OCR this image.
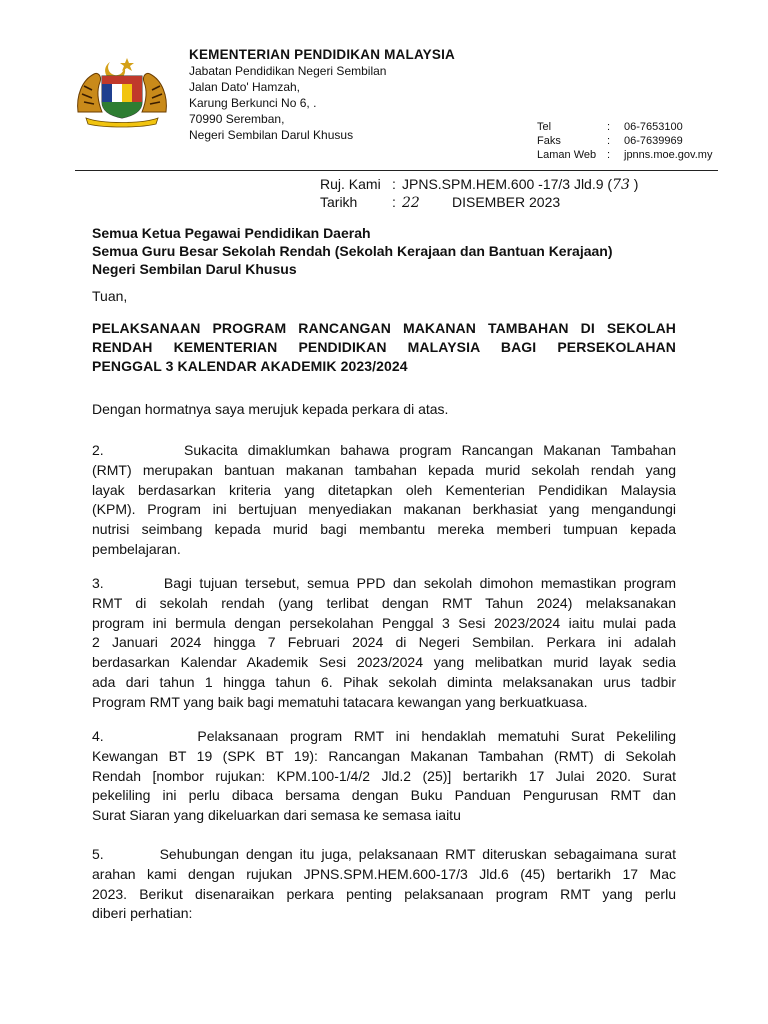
KEMENTERIAN PENDIDIKAN MALAYSIA
Jabatan Pendidikan Negeri Sembilan
Jalan Dato' Hamzah,
Karung Berkunci No 6, .
70990 Seremban,
Negeri Sembilan Darul Khusus
Tel	:	06-7653100
Faks	:	06-7639969
Laman Web :	jpnns.moe.gov.my
Ruj. Kami : JPNS.SPM.HEM.600 -17/3 Jld.9 (73 )
Tarikh	: 22 DISEMBER 2023
Semua Ketua Pegawai Pendidikan Daerah
Semua Guru Besar Sekolah Rendah (Sekolah Kerajaan dan Bantuan Kerajaan)
Negeri Sembilan Darul Khusus
Tuan,
PELAKSANAAN PROGRAM RANCANGAN MAKANAN TAMBAHAN DI SEKOLAH
RENDAH KEMENTERIAN PENDIDIKAN MALAYSIA BAGI PERSEKOLAHAN
PENGGAL 3 KALENDAR AKADEMIK 2023/2024
Dengan hormatnya saya merujuk kepada perkara di atas.
2.        Sukacita dimaklumkan bahawa program Rancangan Makanan Tambahan
(RMT) merupakan bantuan makanan tambahan kepada murid sekolah rendah yang
layak berdasarkan kriteria yang ditetapkan oleh Kementerian Pendidikan Malaysia
(KPM). Program ini bertujuan menyediakan makanan berkhasiat yang mengandungi
nutrisi seimbang kepada murid bagi membantu mereka memberi tumpuan kepada
pembelajaran.
3.        Bagi tujuan tersebut, semua PPD dan sekolah dimohon memastikan program
RMT di sekolah rendah (yang terlibat dengan RMT Tahun 2024) melaksanakan
program ini bermula dengan persekolahan Penggal 3 Sesi 2023/2024 iaitu mulai pada
2 Januari 2024 hingga 7 Februari 2024 di Negeri Sembilan. Perkara ini adalah
berdasarkan Kalendar Akademik Sesi 2023/2024 yang melibatkan murid layak sedia
ada dari tahun 1 hingga tahun 6. Pihak sekolah diminta melaksanakan urus tadbir
Program RMT yang baik bagi mematuhi tatacara kewangan yang berkuatkuasa.
4.        Pelaksanaan program RMT ini hendaklah mematuhi Surat Pekeliling
Kewangan BT 19 (SPK BT 19): Rancangan Makanan Tambahan (RMT) di Sekolah
Rendah [nombor rujukan: KPM.100-1/4/2 Jld.2 (25)] bertarikh 17 Julai 2020. Surat
pekeliling ini perlu dibaca bersama dengan Buku Panduan Pengurusan RMT dan
Surat Siaran yang dikeluarkan dari semasa ke semasa iaitu
5.        Sehubungan dengan itu juga, pelaksanaan RMT diteruskan sebagaimana surat
arahan kami dengan rujukan JPNS.SPM.HEM.600-17/3 Jld.6 (45) bertarikh 17 Mac
2023. Berikut disenaraikan perkara penting pelaksanaan program RMT yang perlu
diberi perhatian:
